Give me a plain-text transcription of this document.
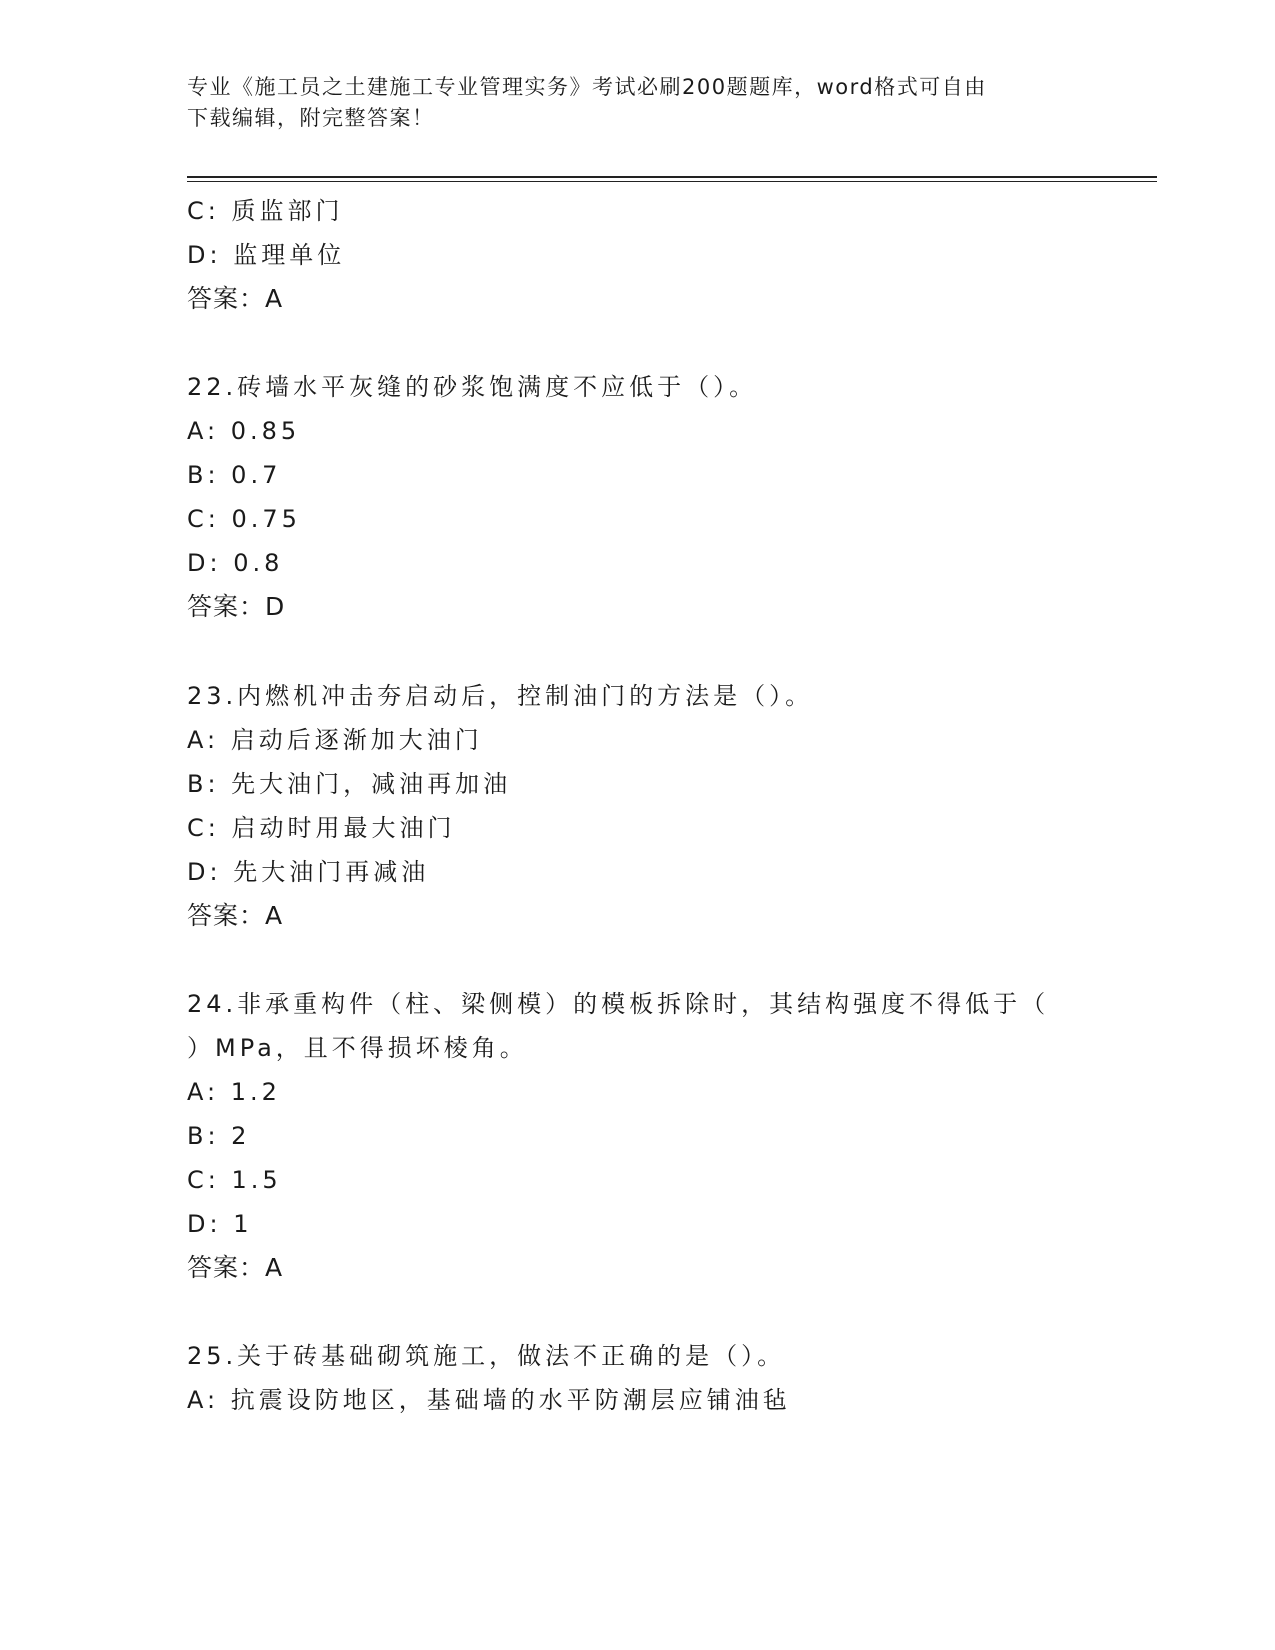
专业《施工员之土建施工专业管理实务》考试必刷200题题库，word格式可自由
下载编辑，附完整答案！
C: 质监部门
D: 监理单位
答案：A
22.砖墙水平灰缝的砂浆饱满度不应低于（）。
A: 0.85
B: 0.7
C: 0.75
D: 0.8
答案：D
23.内燃机冲击夯启动后，控制油门的方法是（）。
A: 启动后逐渐加大油门
B: 先大油门，减油再加油
C: 启动时用最大油门
D: 先大油门再减油
答案：A
24.非承重构件（柱、梁侧模）的模板拆除时，其结构强度不得低于（
）MPa，且不得损坏棱角。
A: 1.2
B: 2
C: 1.5
D: 1
答案：A
25.关于砖基础砌筑施工，做法不正确的是（）。
A: 抗震设防地区，基础墙的水平防潮层应铺油毡
